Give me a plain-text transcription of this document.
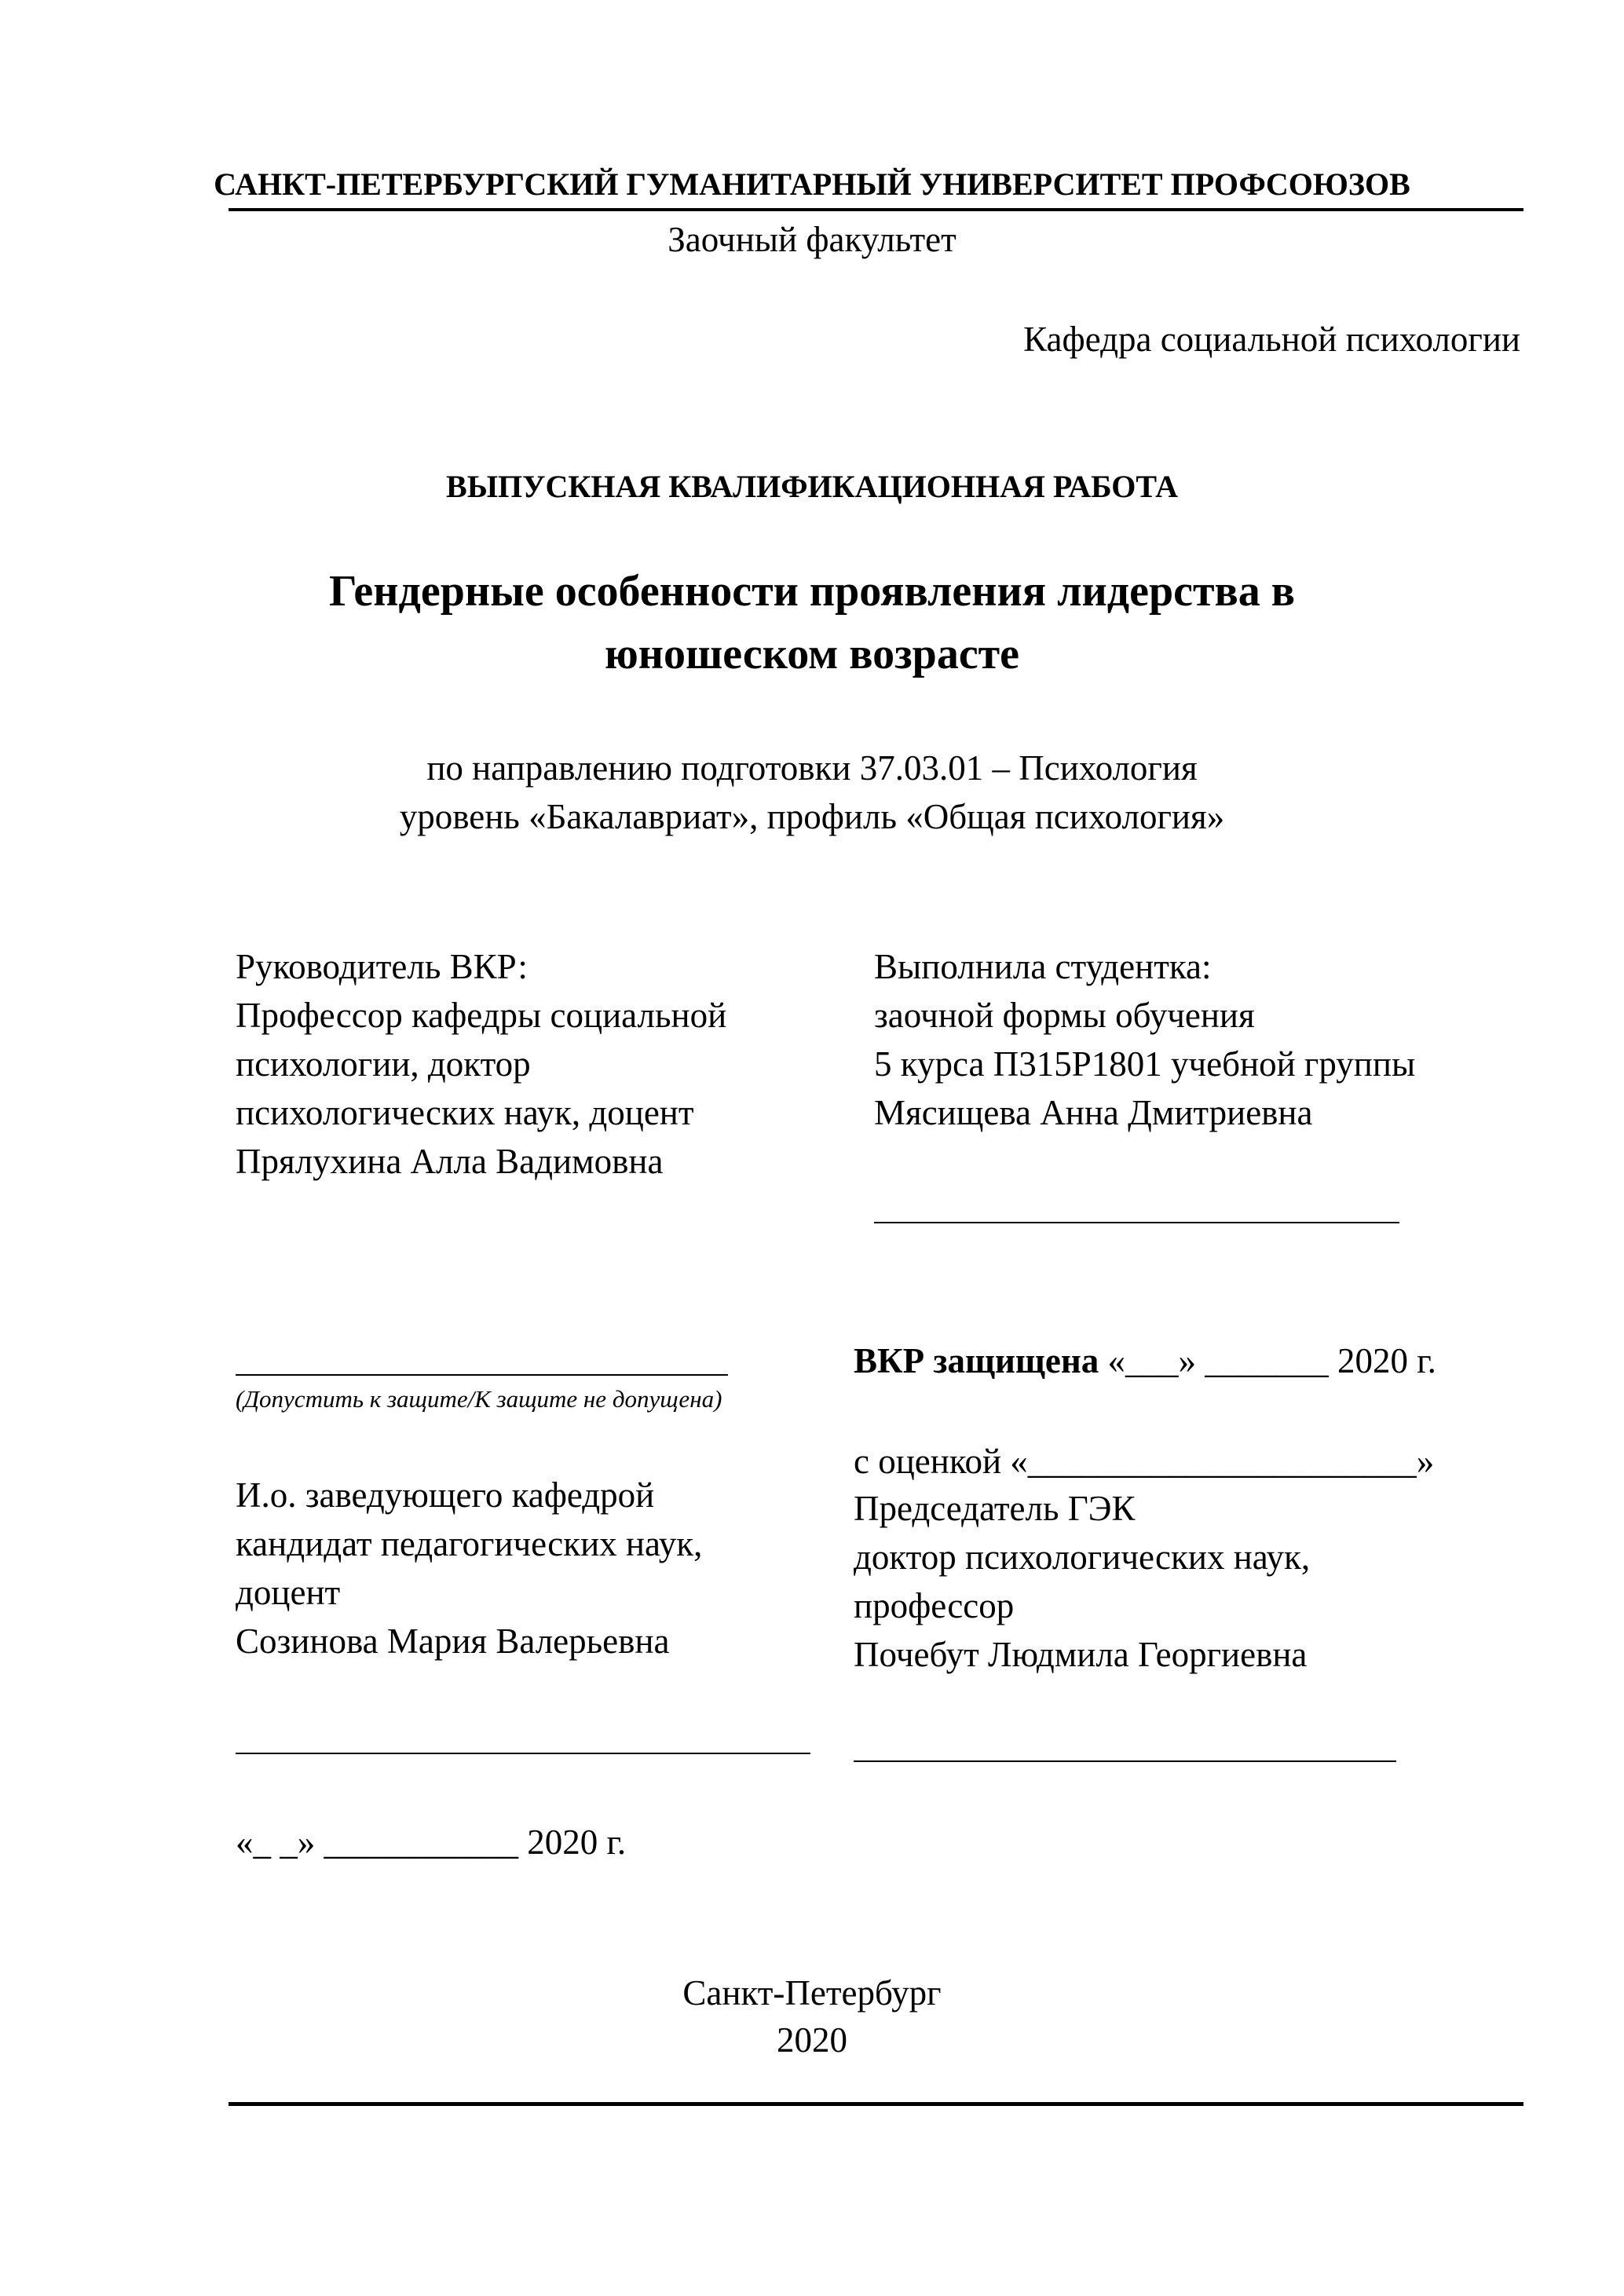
САНКТ-ПЕТЕРБУРГСКИЙ ГУМАНИТАРНЫЙ УНИВЕРСИТЕТ ПРОФСОЮЗОВ
Заочный факультет
Кафедра социальной психологии
ВЫПУСКНАЯ КВАЛИФИКАЦИОННАЯ РАБОТА
Гендерные особенности проявления лидерства в
юношеском возрасте
по направлению подготовки 37.03.01 – Психология
уровень «Бакалавриат», профиль «Общая психология»
Руководитель ВКР:
Профессор кафедры социальной
психологии, доктор
психологических наук, доцент
Прялухина Алла Вадимовна
Выполнила студентка:
заочной формы обучения
5 курса П315Р1801 учебной группы
Мясищева Анна Дмитриевна
(Допустить к защите/К защите не допущена)
ВКР защищена «___» _______ 2020 г.
с оценкой «______________________»
Председатель ГЭК
доктор психологических наук,
профессор
Почебут Людмила Георгиевна
И.о. заведующего кафедрой
кандидат педагогических наук,
доцент
Созинова Мария Валерьевна
«_ _» ___________ 2020 г.
Санкт-Петербург
2020
